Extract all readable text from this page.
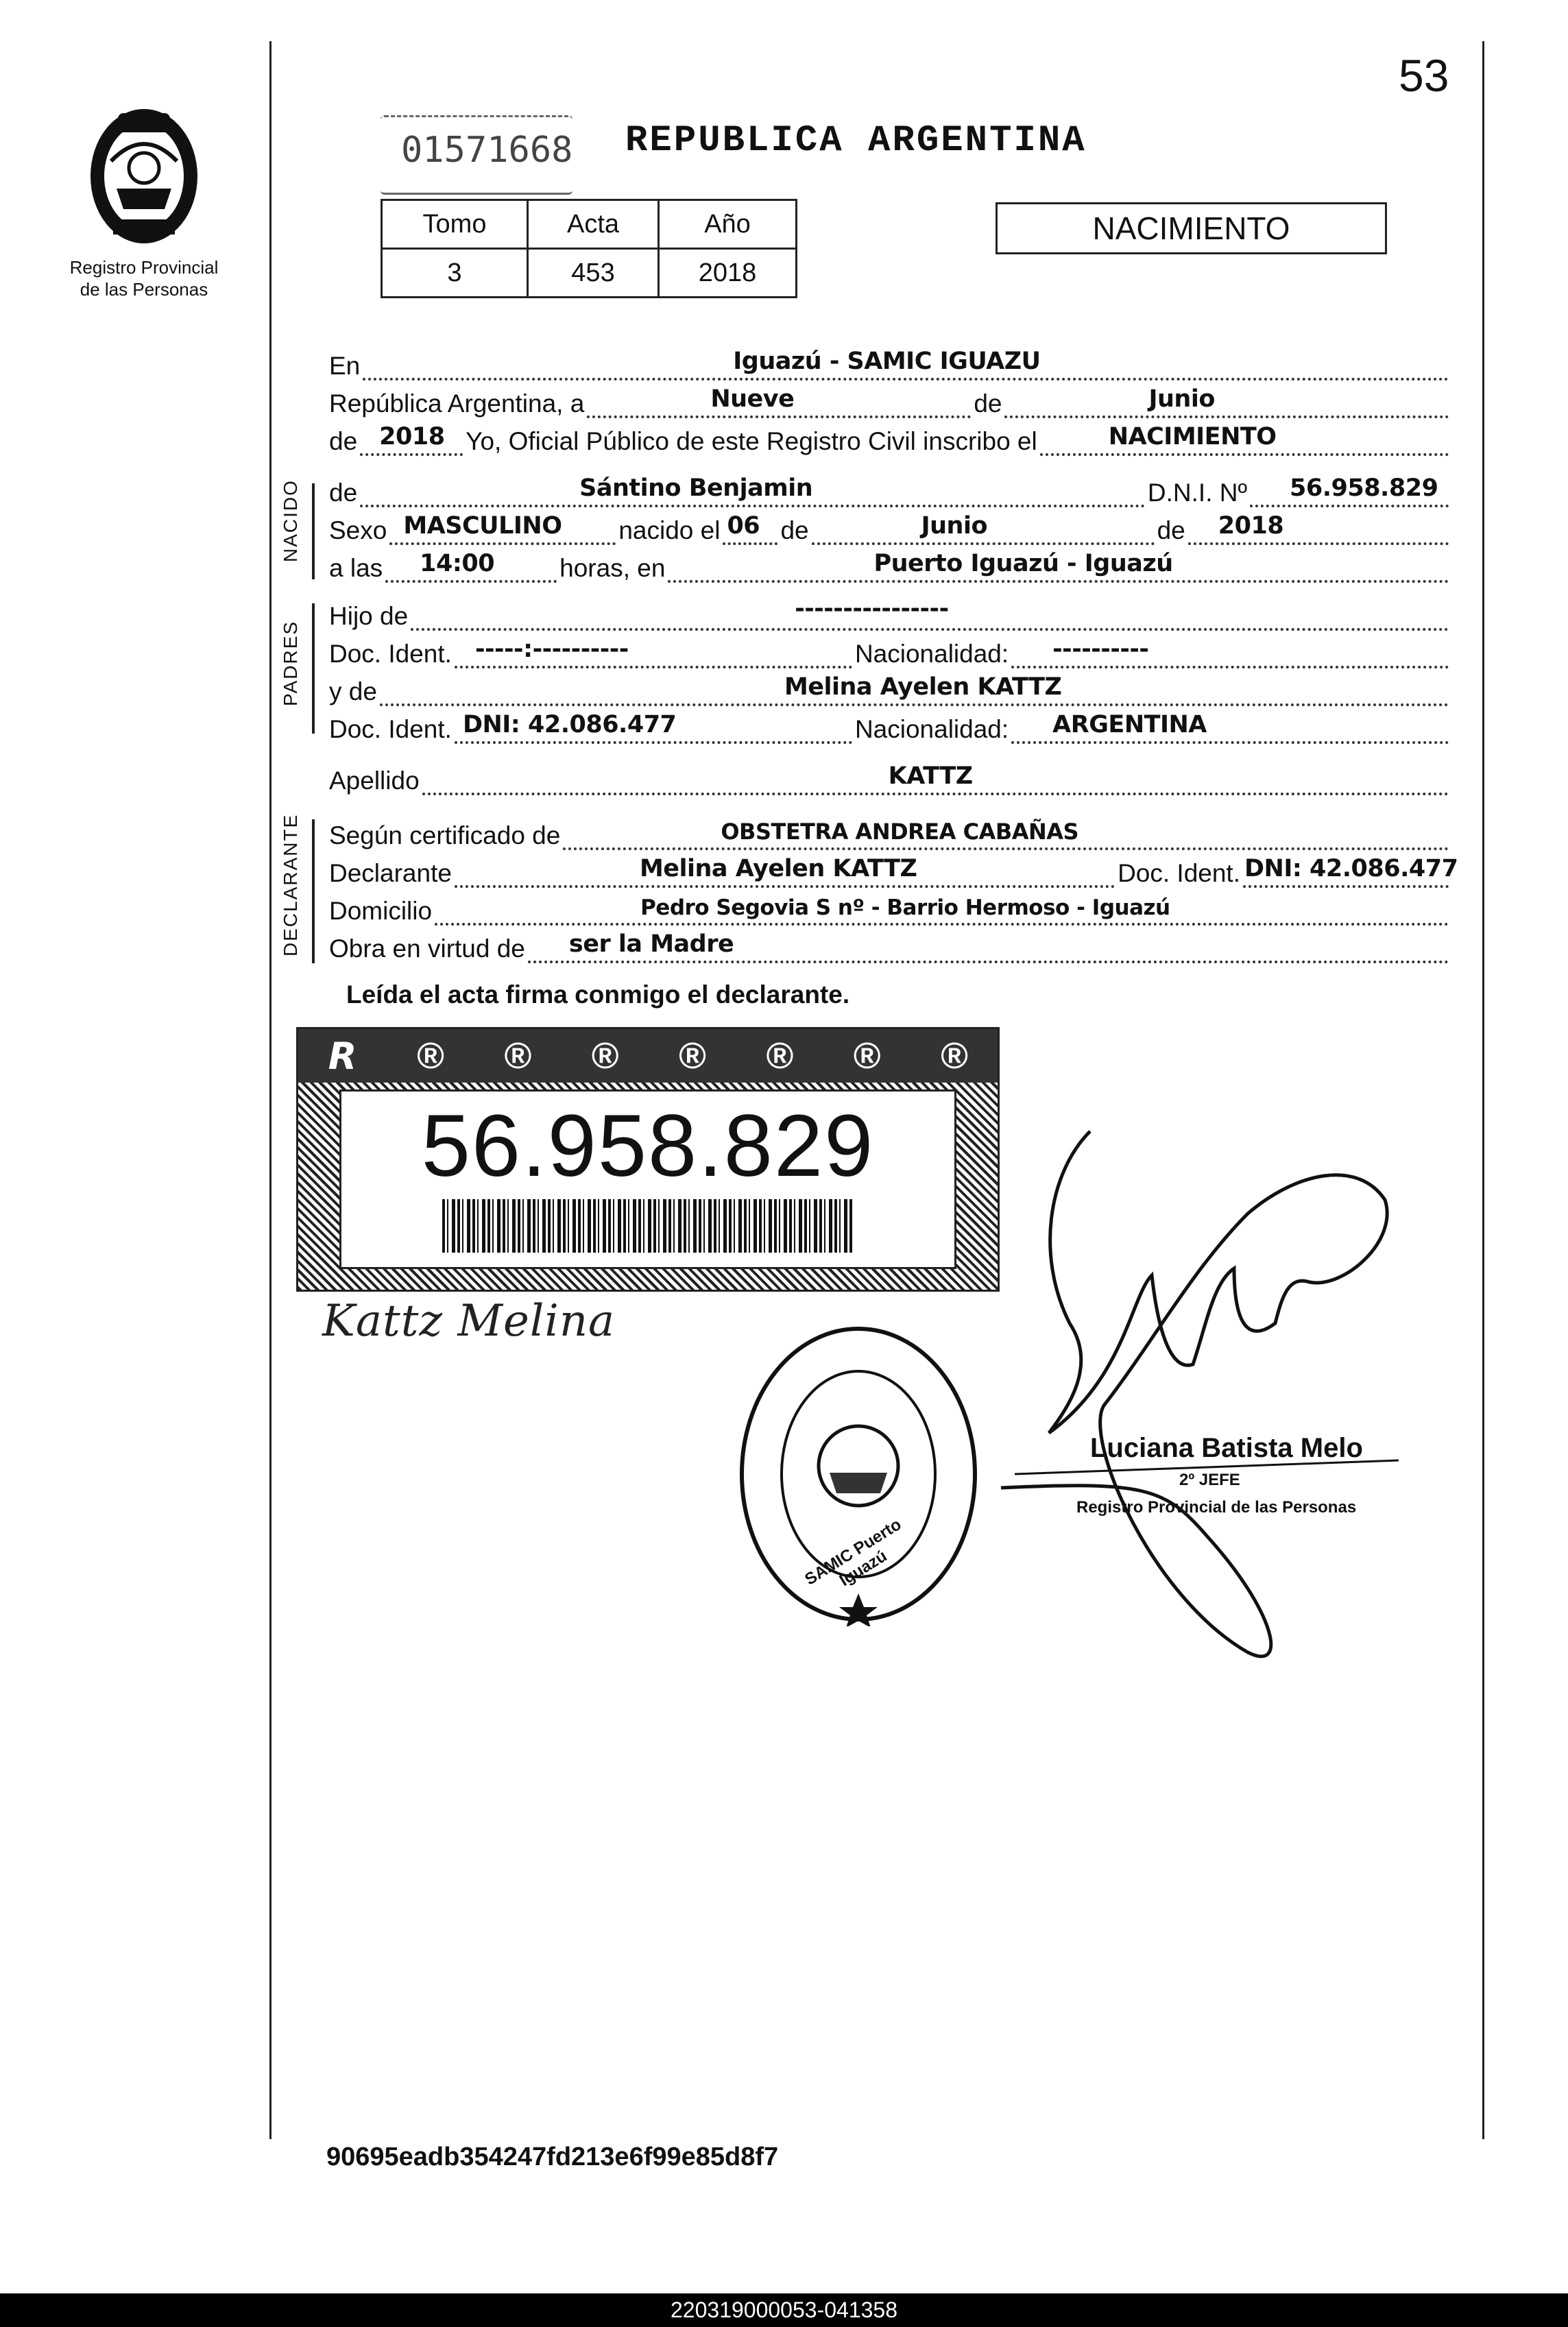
53
Registro Provincial
de las Personas
01571668 REPUBLICA ARGENTINA
Tomo	Acta	Año
3	453	2018
NACIMIENTO
En	Iguazú - SAMIC IGUAZU
República Argentina, a	Nueve	de	Junio
de 2018 Yo, Oficial Público de este Registro Civil inscribo el	NACIMIENTO
NACIDO de	Sántino Benjamin	D.N.I. Nº 56.958.829
Sexo MASCULINO nacido el 06 de	Junio	de 2018
a las 14:00	horas, en	Puerto Iguazú - Iguazú
PADRES
Hijo de	----------------
Doc. Ident. -----:----------	Nacionalidad: ----------
y de	Melina Ayelen KATTZ
Doc. Ident. DNI: 42.086.477	Nacionalidad: ARGENTINA
Apellido	KATTZ
DECLARANTE Según certificado de	OBSTETRA ANDREA CABAÑAS
Declarante	Melina Ayelen KATTZ	Doc. Ident. DNI: 42.086.477
Domicilio	Pedro Segovia S nº - Barrio Hermoso - Iguazú
Obra en virtud de ser la Madre
Leída el acta firma conmigo el declarante.
R ® ® ® ® ® ® ®
56.958.829
Kattz Melina
SAMIC Puerto Iguazú
Luciana Batista Melo
2º JEFE
Registro Provincial de las Personas
90695eadb354247fd213e6f99e85d8f7
220319000053-041358
